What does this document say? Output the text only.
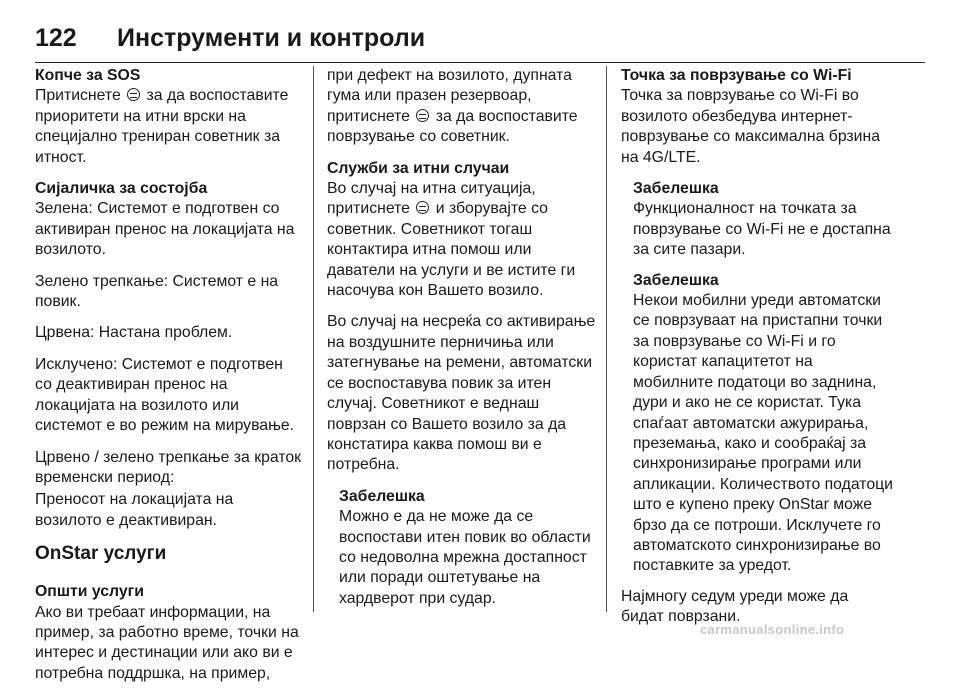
122 Инструменти и контроли
Копче за SOS

Притиснете за да воспоставите приоритети на итни врски на специјално трениран советник за итност.

Сијаличка за состојба

Зелена: Системот е подготвен со активиран пренос на локацијата на возилото.

Зелено трепкање: Системот е на повик.

Црвена: Настана проблем.

Исклучено: Системот е подготвен со деактивиран пренос на локацијата на возилото или системот е во режим на мирување.

Црвено / зелено трепкање за краток временски период:

Преносот на локацијата на возилото е деактивиран.

OnStar услуги
Општи услуги

Ако ви требаат информации, на пример, за работно време, точки на интерес и дестинации или ако ви е потребна поддршка, на пример,

при дефект на возилото, дупната гума или празен резервоар, притиснете за да воспоставите поврзување со советник.

Служби за итни случаи

Во случај на итна ситуација, притиснете и зборувајте со советник. Советникот тогаш контактира итна помош или даватели на услуги и ве истите ги насочува кон Вашето возило.

Во случај на несреќа со активирање на воздушните перничиња или затегнување на ремени, автоматски се воспоставува повик за итен случај. Советникот е веднаш поврзан со Вашето возило за да констатира каква помош ви е потребна.

Забелешка
Можно е да не може да се воспостави итен повик во области со недоволна мрежна достапност или поради оштетување на хардверот при судар.
Точка за поврзување со Wi-Fi

Точка за поврзување со Wi-Fi во возилото обезбедува интернет-поврзување со максимална брзина на 4G/LTE.

Забелешка
Функционалност на точката за поврзување со Wi-Fi не е достапна за сите пазари.
Забелешка
Некои мобилни уреди автоматски се поврзуваат на пристапни точки за поврзување со Wi-Fi и го користат капацитетот на мобилните податоци во заднина, дури и ако не се користат. Тука спаѓаат автоматски ажурирања, преземања, како и сообраќај за синхронизирање програми или апликации. Количеството податоци што е купено преку OnStar може брзо да се потроши. Исклучете го автоматското синхронизирање во поставките за уредот.

Најмногу седум уреди може да бидат поврзани.

carmanualsonline.info
